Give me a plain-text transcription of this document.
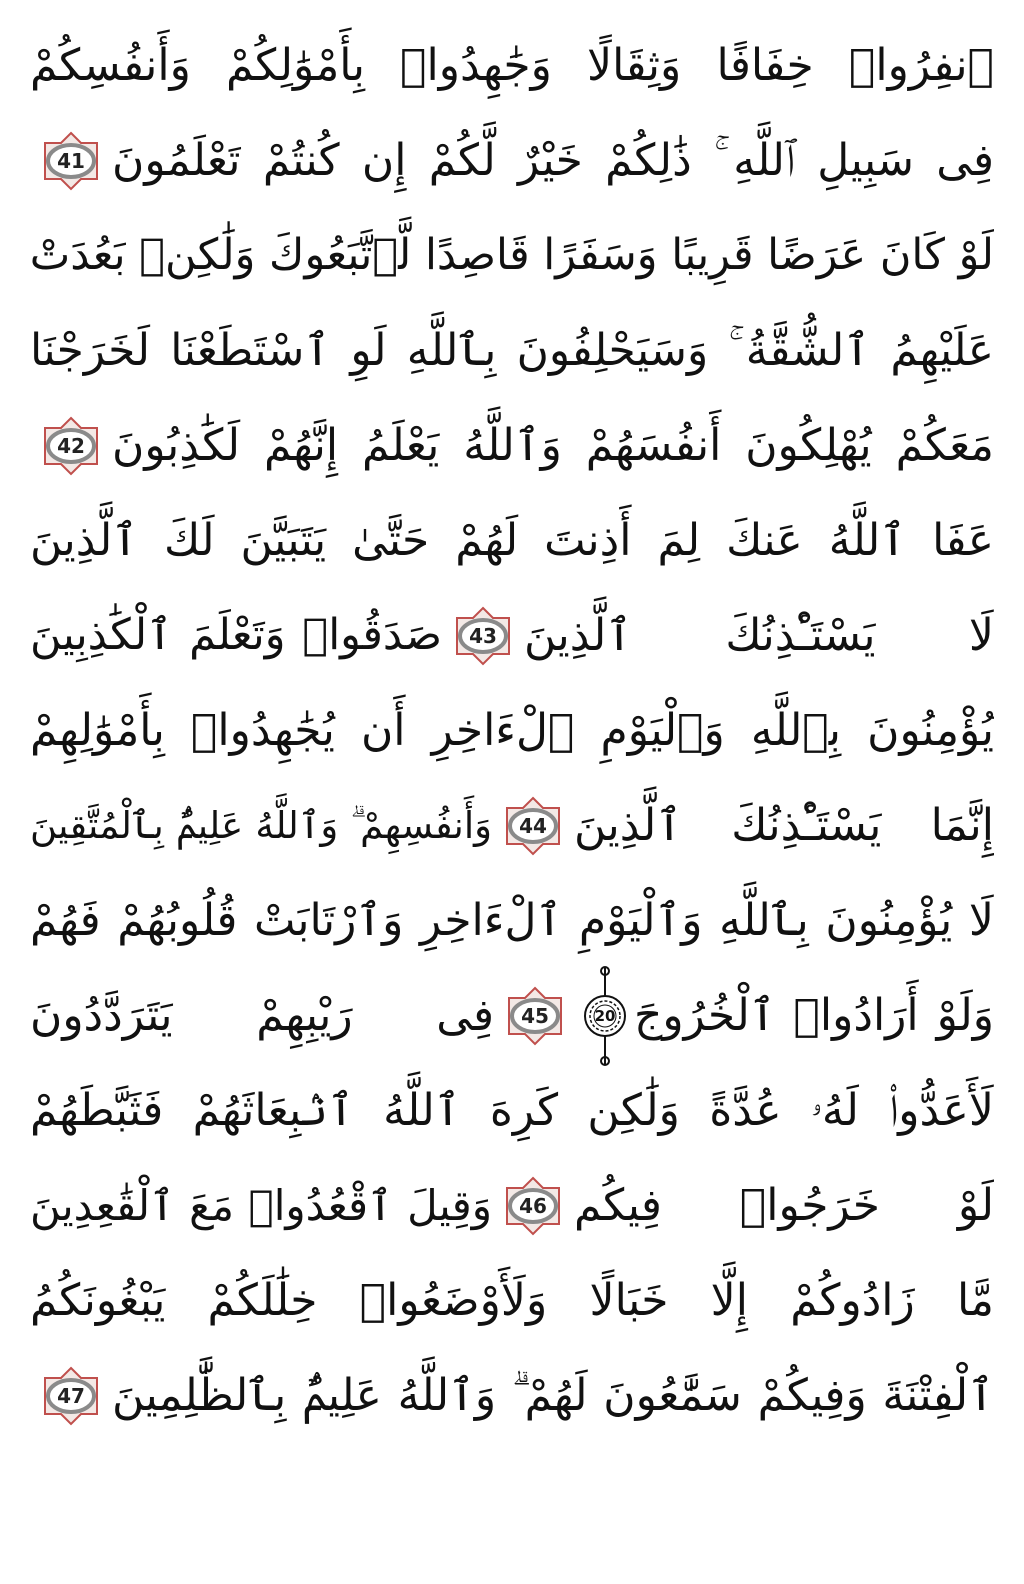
ٱنفِرُوا۟ خِفَافًا وَثِقَالًا وَجَٰهِدُوا۟ بِأَمْوَٰلِكُمْ وَأَنفُسِكُمْ
فِى سَبِيلِ ٱللَّهِ ۚ ذَٰلِكُمْ خَيْرٌ لَّكُمْ إِن كُنتُمْ تَعْلَمُونَ
41
لَوْ كَانَ عَرَضًا قَرِيبًا وَسَفَرًا قَاصِدًا لَّٱتَّبَعُوكَ وَلَٰكِنۢ بَعُدَتْ
عَلَيْهِمُ ٱلشُّقَّةُ ۚ وَسَيَحْلِفُونَ بِٱللَّهِ لَوِ ٱسْتَطَعْنَا لَخَرَجْنَا
مَعَكُمْ يُهْلِكُونَ أَنفُسَهُمْ وَٱللَّهُ يَعْلَمُ إِنَّهُمْ لَكَٰذِبُونَ
42
عَفَا ٱللَّهُ عَنكَ لِمَ أَذِنتَ لَهُمْ حَتَّىٰ يَتَبَيَّنَ لَكَ ٱلَّذِينَ
لَا يَسْتَـْٔذِنُكَ ٱلَّذِينَ
43
صَدَقُوا۟ وَتَعْلَمَ ٱلْكَٰذِبِينَ
يُؤْمِنُونَ بِٱللَّهِ وَٱلْيَوْمِ ٱلْءَاخِرِ أَن يُجَٰهِدُوا۟ بِأَمْوَٰلِهِمْ
إِنَّمَا يَسْتَـْٔذِنُكَ ٱلَّذِينَ
44
وَأَنفُسِهِمْ ۗ وَٱللَّهُ عَلِيمٌۢ بِٱلْمُتَّقِينَ
لَا يُؤْمِنُونَ بِٱللَّهِ وَٱلْيَوْمِ ٱلْءَاخِرِ وَٱرْتَابَتْ قُلُوبُهُمْ فَهُمْ
وَلَوْ أَرَادُوا۟ ٱلْخُرُوجَ
20
45
فِى رَيْبِهِمْ يَتَرَدَّدُونَ
لَأَعَدُّوا۟ لَهُۥ عُدَّةً وَلَٰكِن كَرِهَ ٱللَّهُ ٱنۢبِعَاثَهُمْ فَثَبَّطَهُمْ
لَوْ خَرَجُوا۟ فِيكُم
46
وَقِيلَ ٱقْعُدُوا۟ مَعَ ٱلْقَٰعِدِينَ
مَّا زَادُوكُمْ إِلَّا خَبَالًا وَلَأَوْضَعُوا۟ خِلَٰلَكُمْ يَبْغُونَكُمُ
ٱلْفِتْنَةَ وَفِيكُمْ سَمَّٰعُونَ لَهُمْ ۗ وَٱللَّهُ عَلِيمٌۢ بِٱلظَّٰلِمِينَ
47
